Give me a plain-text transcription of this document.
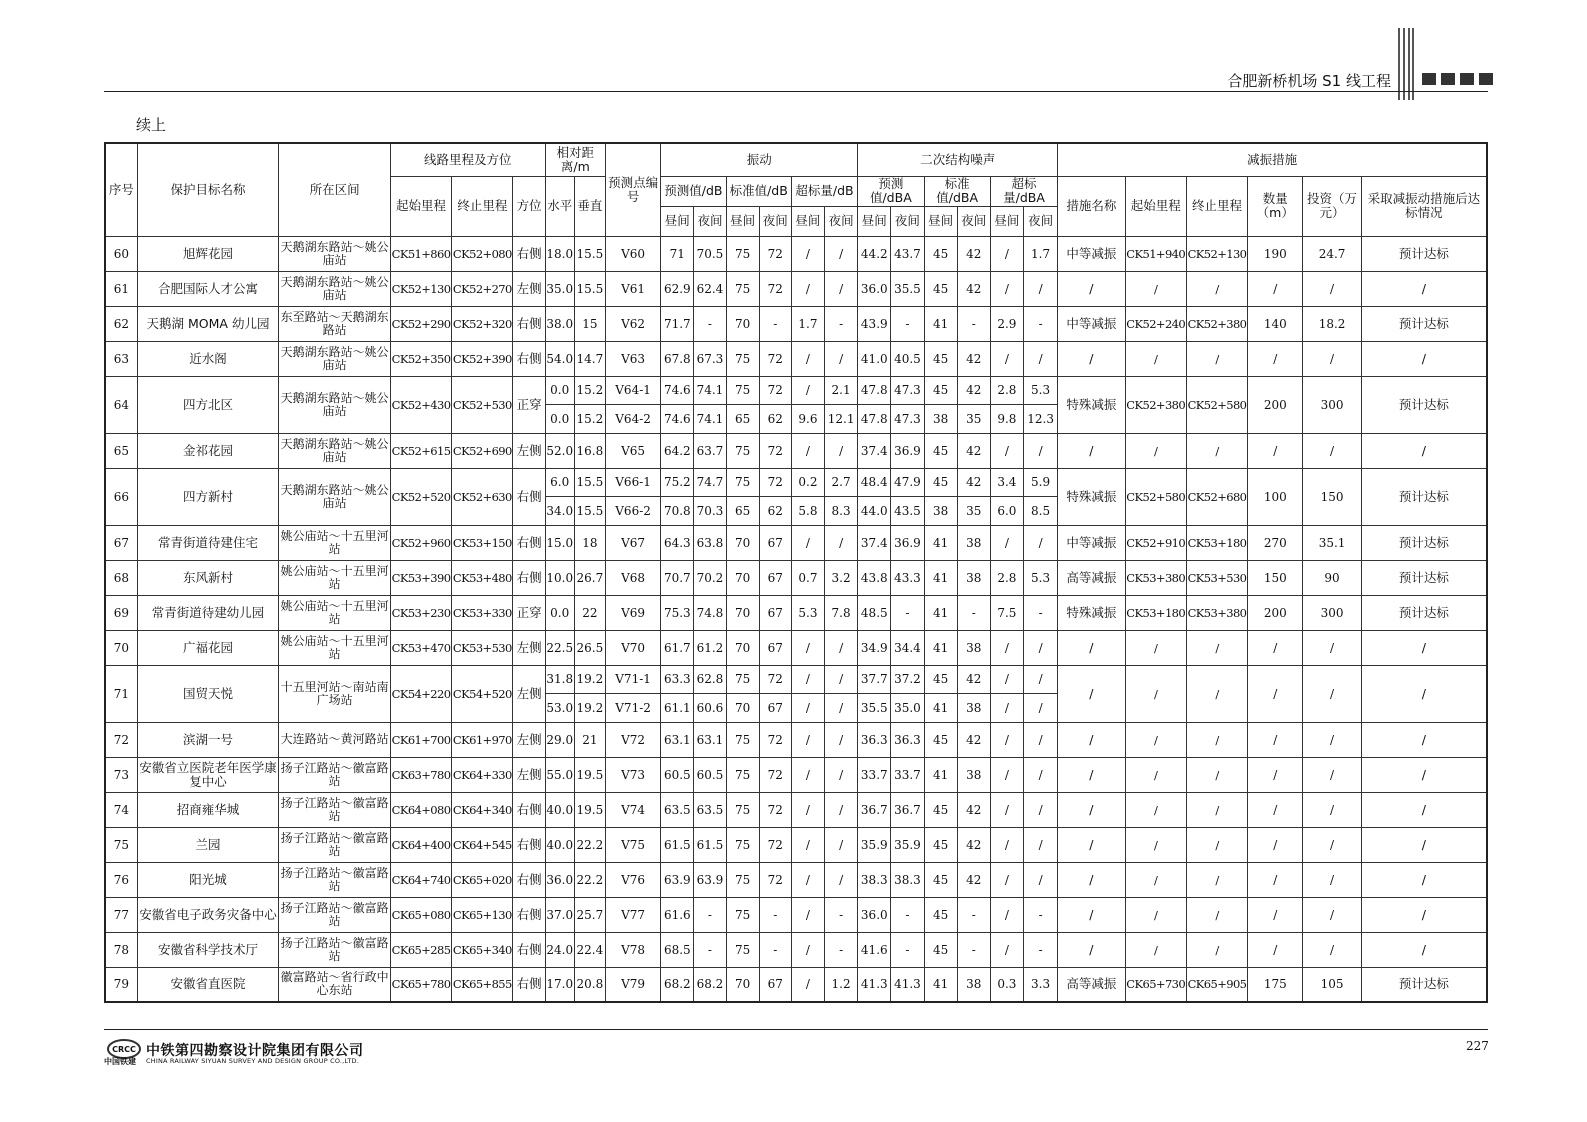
合肥新桥机场 S1 线工程
续上
序号	保护目标名称	所在区间	线路里程及方位			相对距离/m		预测点编号	振动						二次结构噪声						减振措施					
			起始里程	终止里程	方位	水平	垂直		预测值/dB		标准值/dB		超标量/dB		预测值/dBA		标准值/dBA		超标量/dBA		措施名称	起始里程	终止里程	数量（m）	投资（万元）	采取减振动措施后达标情况
									昼间	夜间	昼间	夜间	昼间	夜间	昼间	夜间	昼间	夜间	昼间	夜间						
60	旭辉花园	天鹅湖东路站～姚公庙站	CK51+860	CK52+080	右侧	18.0	15.5	V60	71	70.5	75	72	/	/	44.2	43.7	45	42	/	1.7	中等减振	CK51+940	CK52+130	190	24.7	预计达标
61	合肥国际人才公寓	天鹅湖东路站～姚公庙站	CK52+130	CK52+270	左侧	35.0	15.5	V61	62.9	62.4	75	72	/	/	36.0	35.5	45	42	/	/	/	/	/	/	/	/
62	天鹅湖 MOMA 幼儿园	东至路站～天鹅湖东路站	CK52+290	CK52+320	右侧	38.0	15	V62	71.7	-	70	-	1.7	-	43.9	-	41	-	2.9	-	中等减振	CK52+240	CK52+380	140	18.2	预计达标
63	近水阁	天鹅湖东路站～姚公庙站	CK52+350	CK52+390	右侧	54.0	14.7	V63	67.8	67.3	75	72	/	/	41.0	40.5	45	42	/	/	/	/	/	/	/	/
64	四方北区	天鹅湖东路站～姚公庙站	CK52+430	CK52+530	正穿	0.0	15.2	V64-1	74.6	74.1	75	72	/	2.1	47.8	47.3	45	42	2.8	5.3	特殊减振	CK52+380	CK52+580	200	300	预计达标
						0.0	15.2	V64-2	74.6	74.1	65	62	9.6	12.1	47.8	47.3	38	35	9.8	12.3						
65	金祁花园	天鹅湖东路站～姚公庙站	CK52+615	CK52+690	左侧	52.0	16.8	V65	64.2	63.7	75	72	/	/	37.4	36.9	45	42	/	/	/	/	/	/	/	/
66	四方新村	天鹅湖东路站～姚公庙站	CK52+520	CK52+630	右侧	6.0	15.5	V66-1	75.2	74.7	75	72	0.2	2.7	48.4	47.9	45	42	3.4	5.9	特殊减振	CK52+580	CK52+680	100	150	预计达标
						34.0	15.5	V66-2	70.8	70.3	65	62	5.8	8.3	44.0	43.5	38	35	6.0	8.5						
67	常青街道待建住宅	姚公庙站～十五里河站	CK52+960	CK53+150	右侧	15.0	18	V67	64.3	63.8	70	67	/	/	37.4	36.9	41	38	/	/	中等减振	CK52+910	CK53+180	270	35.1	预计达标
68	东风新村	姚公庙站～十五里河站	CK53+390	CK53+480	右侧	10.0	26.7	V68	70.7	70.2	70	67	0.7	3.2	43.8	43.3	41	38	2.8	5.3	高等减振	CK53+380	CK53+530	150	90	预计达标
69	常青街道待建幼儿园	姚公庙站～十五里河站	CK53+230	CK53+330	正穿	0.0	22	V69	75.3	74.8	70	67	5.3	7.8	48.5	-	41	-	7.5	-	特殊减振	CK53+180	CK53+380	200	300	预计达标
70	广福花园	姚公庙站～十五里河站	CK53+470	CK53+530	左侧	22.5	26.5	V70	61.7	61.2	70	67	/	/	34.9	34.4	41	38	/	/	/	/	/	/	/	/
71	国贸天悦	十五里河站～南站南广场站	CK54+220	CK54+520	左侧	31.8	19.2	V71-1	63.3	62.8	75	72	/	/	37.7	37.2	45	42	/	/	/	/	/	/	/	/
						53.0	19.2	V71-2	61.1	60.6	70	67	/	/	35.5	35.0	41	38	/	/						
72	滨湖一号	大连路站～黄河路站	CK61+700	CK61+970	左侧	29.0	21	V72	63.1	63.1	75	72	/	/	36.3	36.3	45	42	/	/	/	/	/	/	/	/
73	安徽省立医院老年医学康复中心	扬子江路站～徽富路站	CK63+780	CK64+330	左侧	55.0	19.5	V73	60.5	60.5	75	72	/	/	33.7	33.7	41	38	/	/	/	/	/	/	/	/
74	招商雍华城	扬子江路站～徽富路站	CK64+080	CK64+340	右侧	40.0	19.5	V74	63.5	63.5	75	72	/	/	36.7	36.7	45	42	/	/	/	/	/	/	/	/
75	兰园	扬子江路站～徽富路站	CK64+400	CK64+545	右侧	40.0	22.2	V75	61.5	61.5	75	72	/	/	35.9	35.9	45	42	/	/	/	/	/	/	/	/
76	阳光城	扬子江路站～徽富路站	CK64+740	CK65+020	右侧	36.0	22.2	V76	63.9	63.9	75	72	/	/	38.3	38.3	45	42	/	/	/	/	/	/	/	/
77	安徽省电子政务灾备中心	扬子江路站～徽富路站	CK65+080	CK65+130	右侧	37.0	25.7	V77	61.6	-	75	-	/	-	36.0	-	45	-	/	-	/	/	/	/	/	/
78	安徽省科学技术厅	扬子江路站～徽富路站	CK65+285	CK65+340	右侧	24.0	22.4	V78	68.5	-	75	-	/	-	41.6	-	45	-	/	-	/	/	/	/	/	/
79	安徽省直医院	徽富路站～省行政中心东站	CK65+780	CK65+855	右侧	17.0	20.8	V79	68.2	68.2	70	67	/	1.2	41.3	41.3	41	38	0.3	3.3	高等减振	CK65+730	CK65+905	175	105	预计达标
CRCC
中国铁建
中铁第四勘察设计院集团有限公司
CHINA RAILWAY SIYUAN SURVEY AND DESIGN GROUP CO.,LTD.
227
